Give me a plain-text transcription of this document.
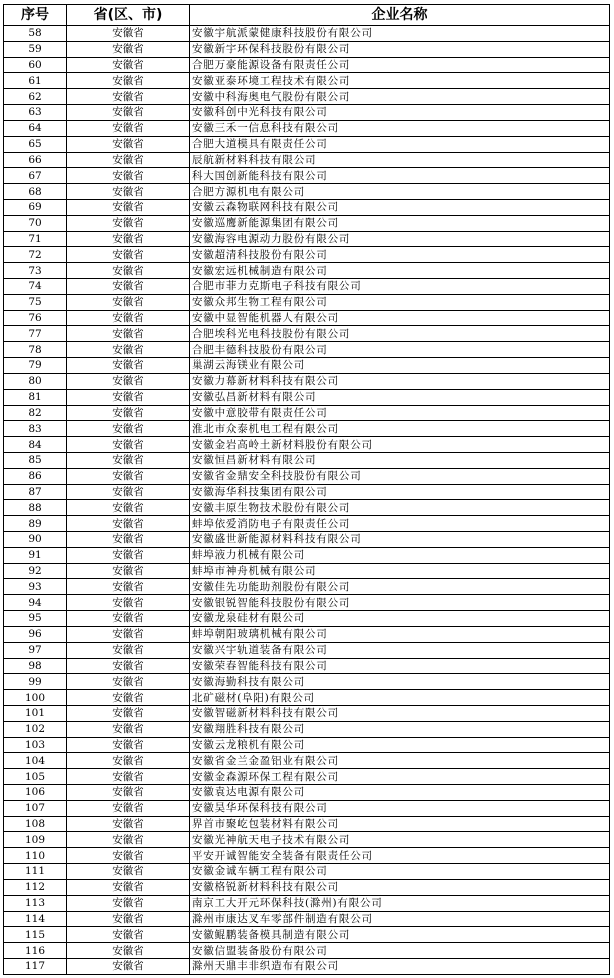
序号	省(区、市)	企业名称
58	安徽省	安徽宇航派蒙健康科技股份有限公司
59	安徽省	安徽新宇环保科技股份有限公司
60	安徽省	合肥万豪能源设备有限责任公司
61	安徽省	安徽亚泰环境工程技术有限公司
62	安徽省	安徽中科海奥电气股份有限公司
63	安徽省	安徽科创中光科技有限公司
64	安徽省	安徽三禾一信息科技有限公司
65	安徽省	合肥大道模具有限责任公司
66	安徽省	辰航新材料科技有限公司
67	安徽省	科大国创新能科技有限公司
68	安徽省	合肥方源机电有限公司
69	安徽省	安徽云森物联网科技有限公司
70	安徽省	安徽巡鹰新能源集团有限公司
71	安徽省	安徽海容电源动力股份有限公司
72	安徽省	安徽超清科技股份有限公司
73	安徽省	安徽宏远机械制造有限公司
74	安徽省	合肥市菲力克斯电子科技有限公司
75	安徽省	安徽众邦生物工程有限公司
76	安徽省	安徽中显智能机器人有限公司
77	安徽省	合肥埃科光电科技股份有限公司
78	安徽省	合肥丰德科技股份有限公司
79	安徽省	巢湖云海镁业有限公司
80	安徽省	安徽力幕新材料科技有限公司
81	安徽省	安徽弘昌新材料有限公司
82	安徽省	安徽中意胶带有限责任公司
83	安徽省	淮北市众泰机电工程有限公司
84	安徽省	安徽金岩高岭土新材料股份有限公司
85	安徽省	安徽恒昌新材料有限公司
86	安徽省	安徽省金鼎安全科技股份有限公司
87	安徽省	安徽海华科技集团有限公司
88	安徽省	安徽丰原生物技术股份有限公司
89	安徽省	蚌埠依爱消防电子有限责任公司
90	安徽省	安徽盛世新能源材料科技有限公司
91	安徽省	蚌埠液力机械有限公司
92	安徽省	蚌埠市神舟机械有限公司
93	安徽省	安徽佳先功能助剂股份有限公司
94	安徽省	安徽银锐智能科技股份有限公司
95	安徽省	安徽龙泉硅材有限公司
96	安徽省	蚌埠朝阳玻璃机械有限公司
97	安徽省	安徽兴宇轨道装备有限公司
98	安徽省	安徽荣春智能科技有限公司
99	安徽省	安徽海勤科技有限公司
100	安徽省	北矿磁材(阜阳)有限公司
101	安徽省	安徽智磁新材料科技有限公司
102	安徽省	安徽翔胜科技有限公司
103	安徽省	安徽云龙粮机有限公司
104	安徽省	安徽省金兰金盈铝业有限公司
105	安徽省	安徽金森源环保工程有限公司
106	安徽省	安徽袁达电源有限公司
107	安徽省	安徽昊华环保科技有限公司
108	安徽省	界首市聚屹包装材料有限公司
109	安徽省	安徽光神航天电子技术有限公司
110	安徽省	平安开诚智能安全装备有限责任公司
111	安徽省	安徽金诚车辆工程有限公司
112	安徽省	安徽格锐新材料科技有限公司
113	安徽省	南京工大开元环保科技(滁州)有限公司
114	安徽省	滁州市康达叉车零部件制造有限公司
115	安徽省	安徽鲲鹏装备模具制造有限公司
116	安徽省	安徽信盟装备股份有限公司
117	安徽省	滁州天鼎丰非织造布有限公司
